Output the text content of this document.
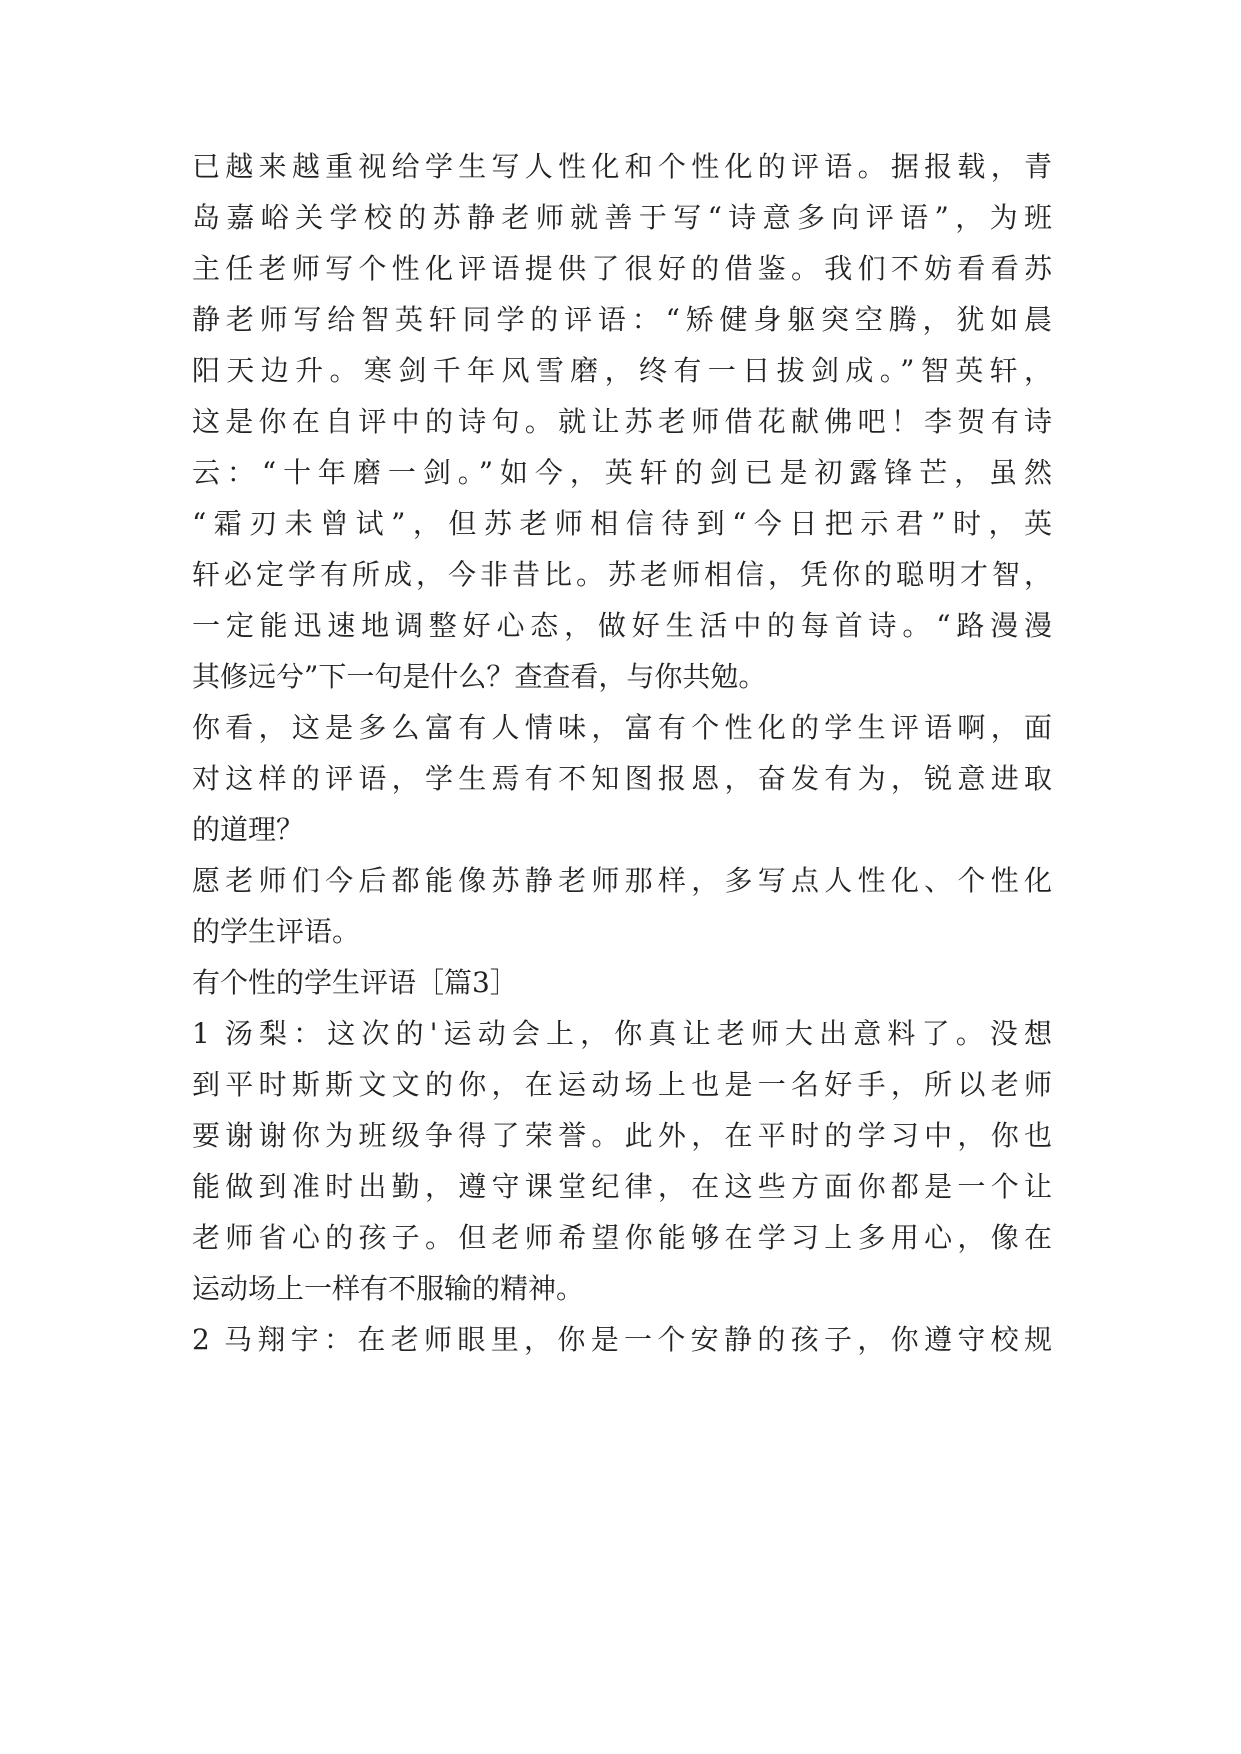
已越来越重视给学生写人性化和个性化的评语。据报载，青
岛嘉峪关学校的苏静老师就善于写“诗意多向评语”，为班
主任老师写个性化评语提供了很好的借鉴。我们不妨看看苏
静老师写给智英轩同学的评语：“矫健身躯突空腾，犹如晨
阳天边升。寒剑千年风雪磨，终有一日拔剑成。”智英轩，
这是你在自评中的诗句。就让苏老师借花献佛吧！李贺有诗
云：“十年磨一剑。”如今，英轩的剑已是初露锋芒，虽然
“霜刃未曾试”，但苏老师相信待到“今日把示君”时，英
轩必定学有所成，今非昔比。苏老师相信，凭你的聪明才智，
一定能迅速地调整好心态，做好生活中的每首诗。“路漫漫
其修远兮”下一句是什么？查查看，与你共勉。
你看，这是多么富有人情味，富有个性化的学生评语啊，面
对这样的评语，学生焉有不知图报恩，奋发有为，锐意进取
的道理？
愿老师们今后都能像苏静老师那样，多写点人性化、个性化
的学生评语。
有个性的学生评语［篇3］
1 汤梨：这次的'运动会上，你真让老师大出意料了。没想
到平时斯斯文文的你，在运动场上也是一名好手，所以老师
要谢谢你为班级争得了荣誉。此外，在平时的学习中，你也
能做到准时出勤，遵守课堂纪律，在这些方面你都是一个让
老师省心的孩子。但老师希望你能够在学习上多用心，像在
运动场上一样有不服输的精神。
2 马翔宇：在老师眼里，你是一个安静的孩子，你遵守校规
